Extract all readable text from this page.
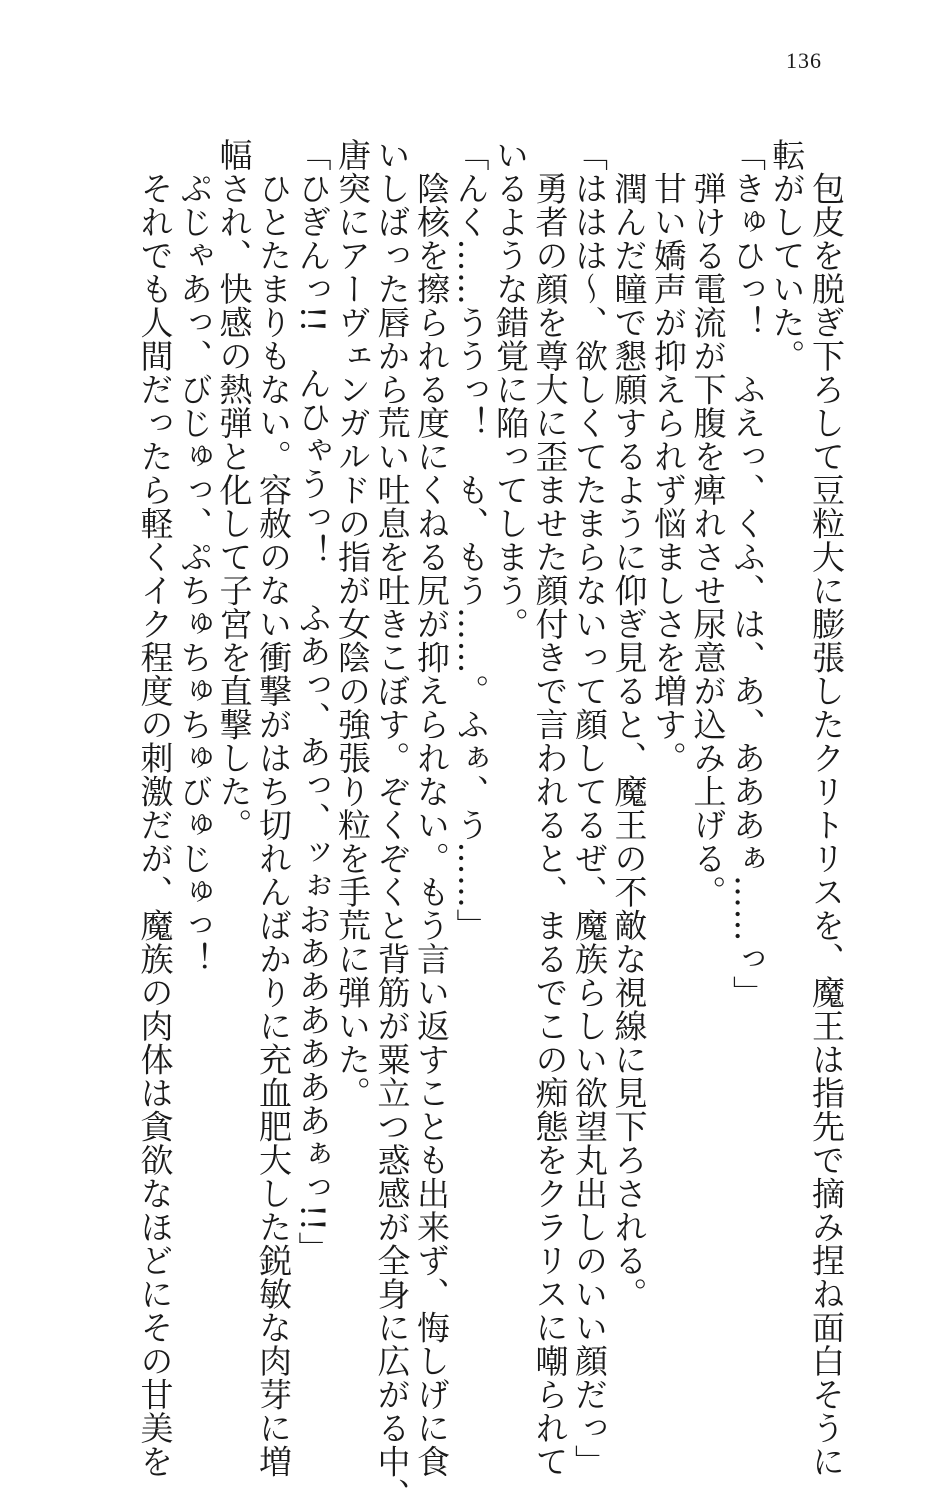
136
　包皮を脱ぎ下ろして豆粒大に膨張したクリトリスを、魔王は指先で摘み捏ね面白そうに
転がしていた。
「きゅひっ！　ふえっ、くふ、は、あ、あああぁ……っ」
　弾ける電流が下腹を痺れさせ尿意が込み上げる。
　甘い嬌声が抑えられず悩ましさを増す。
　潤んだ瞳で懇願するように仰ぎ見ると、魔王の不敵な視線に見下ろされる。
「ははは～、欲しくてたまらないって顔してるぜ、魔族らしい欲望丸出しのいい顔だっ」
　勇者の顔を尊大に歪ませた顔付きで言われると、まるでこの痴態をクラリスに嘲られて
いるような錯覚に陥ってしまう。
「んく……ううっ！　も、もう……。ふぁ、う……」
　陰核を擦られる度にくねる尻が抑えられない。もう言い返すことも出来ず、悔しげに食
いしばった唇から荒い吐息を吐きこぼす。ぞくぞくと背筋が粟立つ惑感が全身に広がる中、
唐突にアーヴェンガルドの指が女陰の強張り粒を手荒に弾いた。
「ひぎんっ!!　んひゃうっ！　ふあっ、あっ、ッぉおああああああぁっ!!」
　ひとたまりもない。容赦のない衝撃がはち切れんばかりに充血肥大した鋭敏な肉芽に増
幅され、快感の熱弾と化して子宮を直撃した。
　ぷじゃあっ、びじゅっ、ぷちゅちゅちゅびゅじゅっ！
　それでも人間だったら軽くイク程度の刺激だが、魔族の肉体は貪欲なほどにその甘美を
